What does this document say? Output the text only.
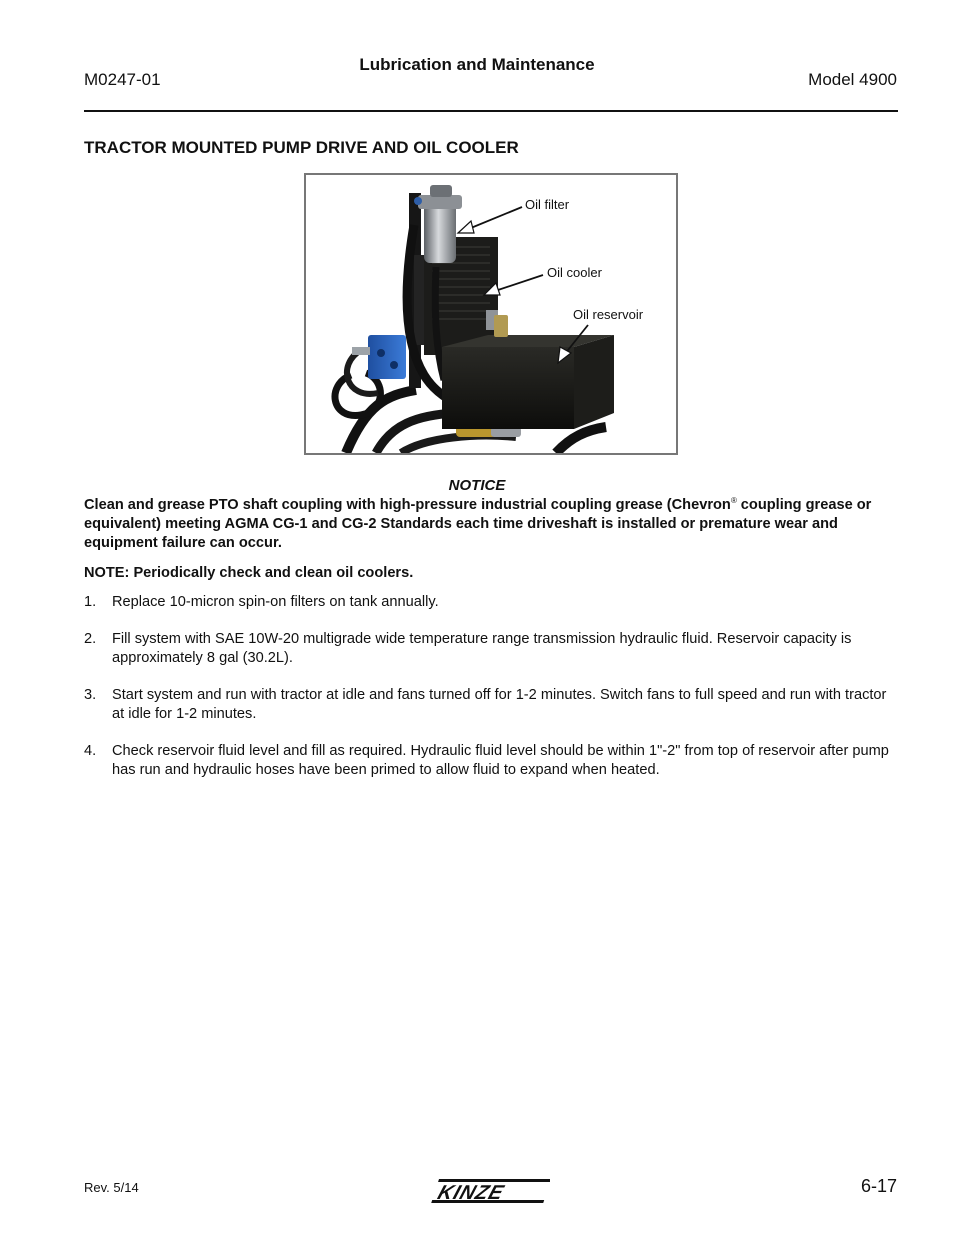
M0247-01
Lubrication and Maintenance
Model 4900
TRACTOR MOUNTED PUMP DRIVE AND OIL COOLER
Oil filter
Oil cooler
Oil reservoir
NOTICE
Clean and grease PTO shaft coupling with high-pressure industrial coupling grease (Chevron® coupling grease or equivalent) meeting AGMA CG-1 and CG-2 Standards each time driveshaft is installed or premature wear and equipment failure can occur.
NOTE: Periodically check and clean oil coolers.
1. Replace 10-micron spin-on filters on tank annually.
2. Fill system with SAE 10W-20 multigrade wide temperature range transmission hydraulic fluid. Reservoir capacity is approximately 8 gal (30.2L).
3. Start system and run with tractor at idle and fans turned off for 1-2 minutes. Switch fans to full speed and run with tractor at idle for 1-2 minutes.
4. Check reservoir fluid level and fill as required. Hydraulic fluid level should be within 1"-2" from top of reservoir after pump has run and hydraulic hoses have been primed to allow fluid to expand when heated.
Rev. 5/14	KINZE	6-17
